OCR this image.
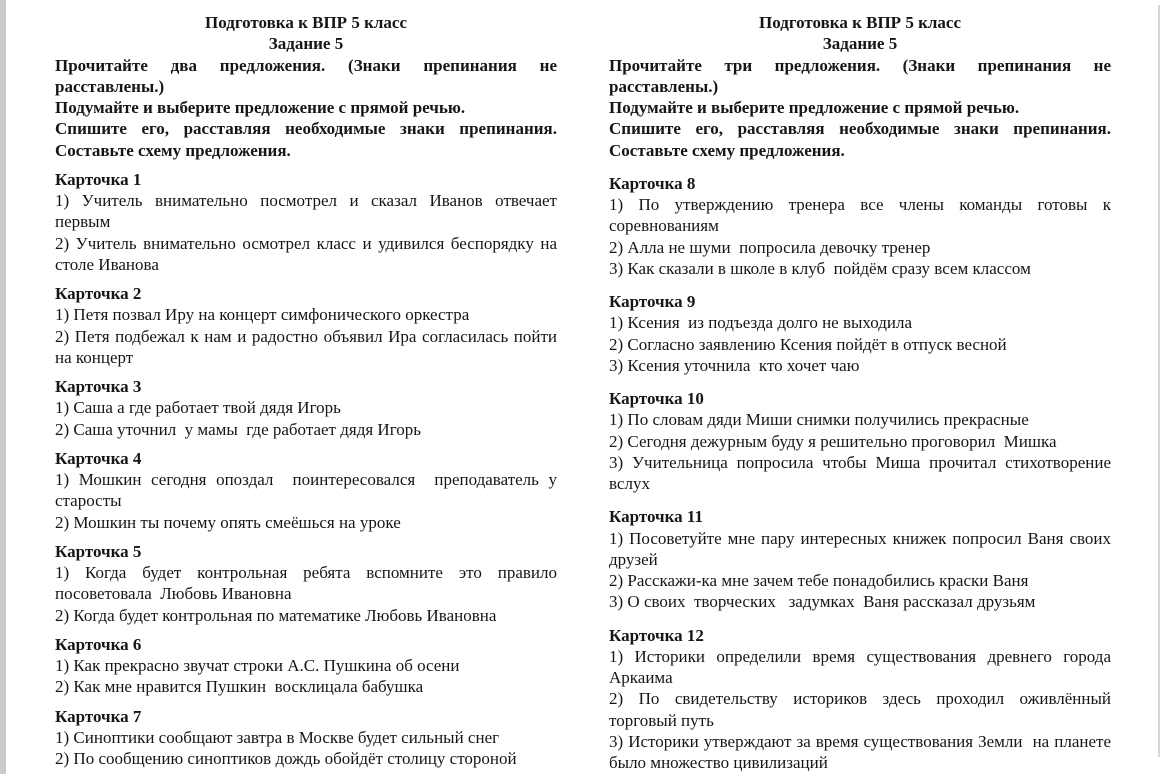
Подготовка к ВПР 5 класс
Задание 5
Прочитайте два предложения. (Знаки препинания не расставлены.)
Подумайте и выберите предложение с прямой речью.
Спишите его, расставляя необходимые знаки препинания. Составьте схему предложения.
Карточка 1
1) Учитель внимательно посмотрел и сказал Иванов отвечает первым
2) Учитель внимательно осмотрел класс и удивился беспорядку на столе Иванова
Карточка 2
1) Петя позвал Иру на концерт симфонического оркестра
2) Петя подбежал к нам и радостно объявил Ира согласилась пойти на концерт
Карточка 3
1) Саша а где работает твой дядя Игорь
2) Саша уточнил  у мамы  где работает дядя Игорь
Карточка 4
1) Мошкин сегодня опоздал  поинтересовался  преподаватель у старосты
2) Мошкин ты почему опять смеёшься на уроке
Карточка 5
1) Когда будет контрольная ребята вспомните это правило посоветовала  Любовь Ивановна
2) Когда будет контрольная по математике Любовь Ивановна
Карточка 6
1) Как прекрасно звучат строки А.С. Пушкина об осени
2) Как мне нравится Пушкин  восклицала бабушка
Карточка 7
1) Синоптики сообщают завтра в Москве будет сильный снег
2) По сообщению синоптиков дождь обойдёт столицу стороной
Подготовка к ВПР 5 класс
Задание 5
Прочитайте три предложения. (Знаки препинания не расставлены.)
Подумайте и выберите предложение с прямой речью.
Спишите его, расставляя необходимые знаки препинания. Составьте схему предложения.
Карточка 8
1) По утверждению тренера все члены команды готовы к соревнованиям
2) Алла не шуми  попросила девочку тренер
3) Как сказали в школе в клуб  пойдём сразу всем классом
Карточка 9
1) Ксения  из подъезда долго не выходила
2) Согласно заявлению Ксения пойдёт в отпуск весной
3) Ксения уточнила  кто хочет чаю
Карточка 10
1) По словам дяди Миши снимки получились прекрасные
2) Сегодня дежурным буду я решительно проговорил  Мишка
3) Учительница попросила чтобы Миша прочитал стихотворение вслух
Карточка 11
1) Посоветуйте мне пару интересных книжек попросил Ваня своих друзей
2) Расскажи-ка мне зачем тебе понадобились краски Ваня
3) О своих  творческих   задумках  Ваня рассказал друзьям
Карточка 12
1) Историки определили время существования древнего города Аркаима
2) По свидетельству историков здесь проходил оживлённый торговый путь
3) Историки утверждают за время существования Земли  на планете было множество цивилизаций
